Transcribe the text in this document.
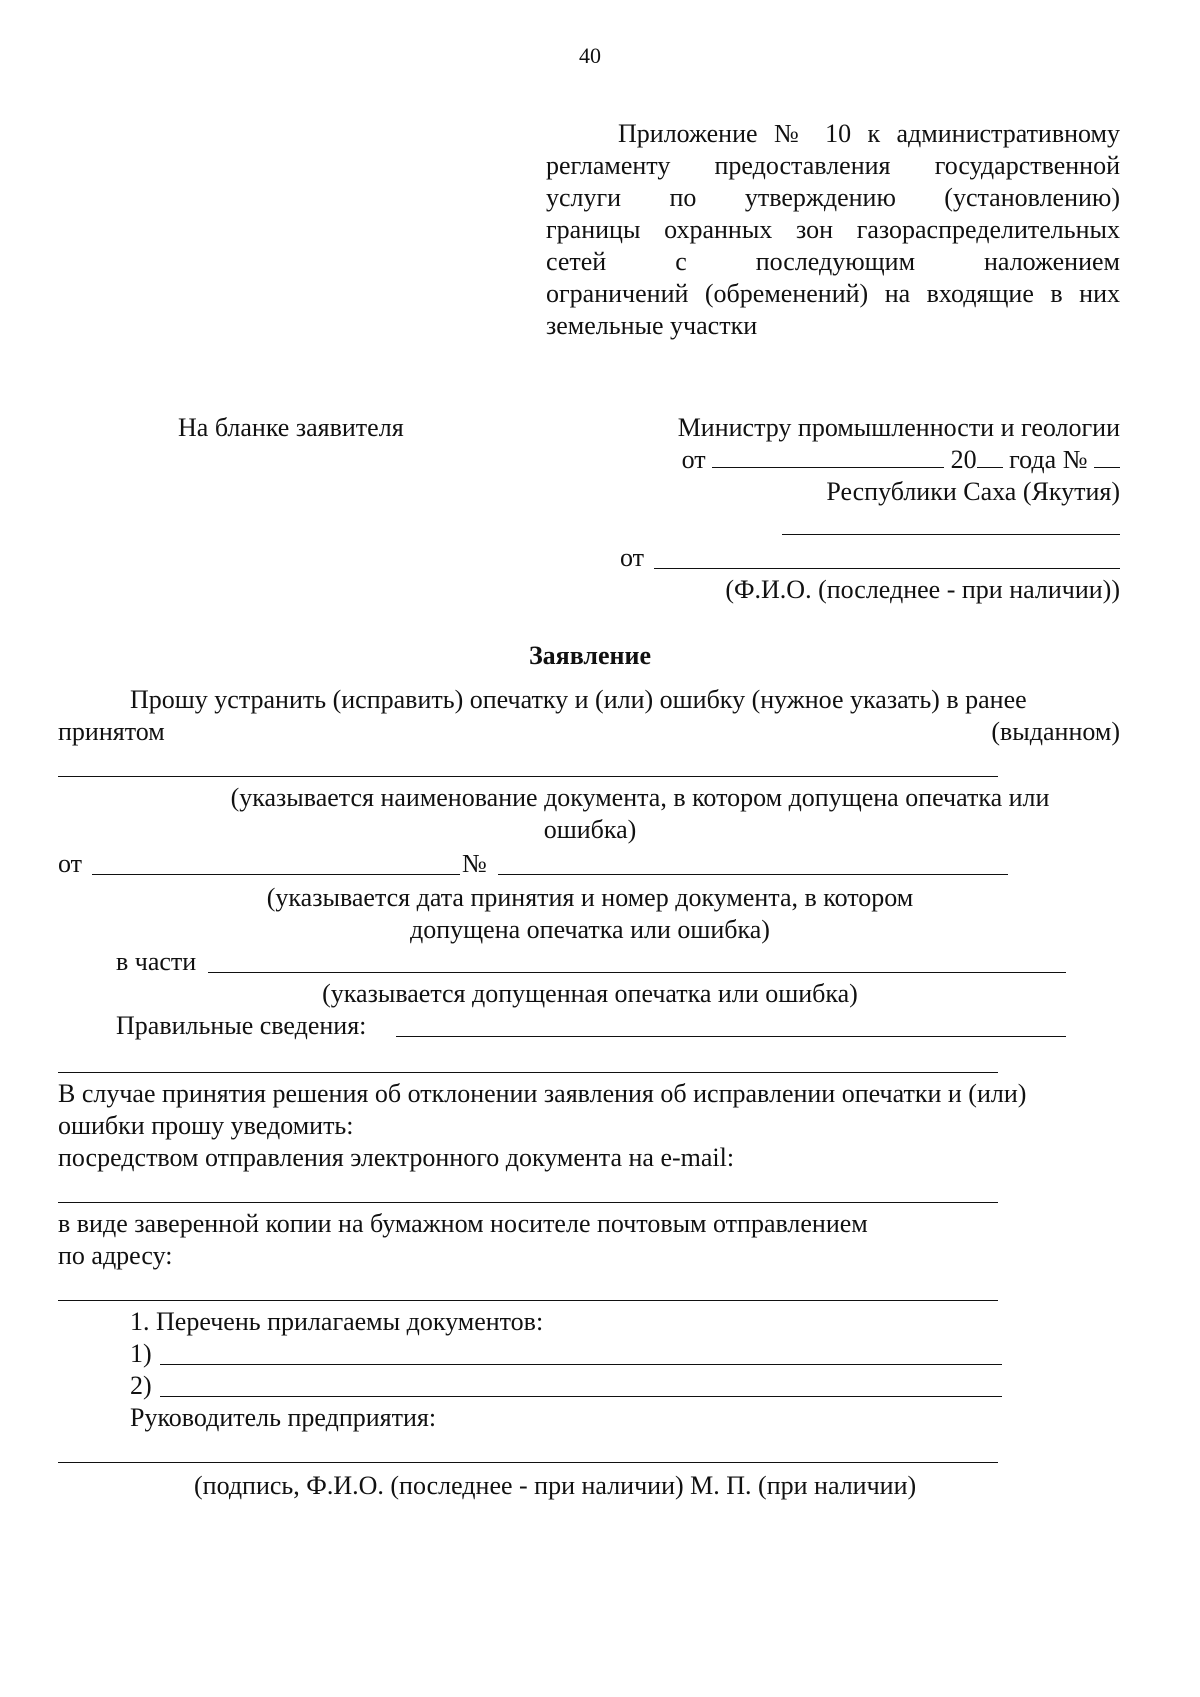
40
Приложение № 10 к административному
регламенту предоставления государственной
услуги по утверждению (установлению)
границы охранных зон газораспределительных
сетей с последующим наложением
ограничений (обременений) на входящие в них
земельные участки
На бланке заявителя	Министру промышленности и геологии
от	20 года №
Республики Саха (Якутия)
от
(Ф.И.О. (последнее - при наличии))
Заявление
Прошу устранить (исправить) опечатку и (или) ошибку (нужное указать) в ранее
принятом	(выданном)
(указывается наименование документа, в котором допущена опечатка или
ошибка)
от	№
(указывается дата принятия и номер документа, в котором
допущена опечатка или ошибка)
в части
(указывается допущенная опечатка или ошибка)
Правильные сведения:
В случае принятия решения об отклонении заявления об исправлении опечатки и (или)
ошибки прошу уведомить:
посредством отправления электронного документа на e-mail:
в виде заверенной копии на бумажном носителе почтовым отправлением
по адресу:
1. Перечень прилагаемы документов:
1)
2)
Руководитель предприятия:
(подпись, Ф.И.О. (последнее - при наличии) М. П. (при наличии)
